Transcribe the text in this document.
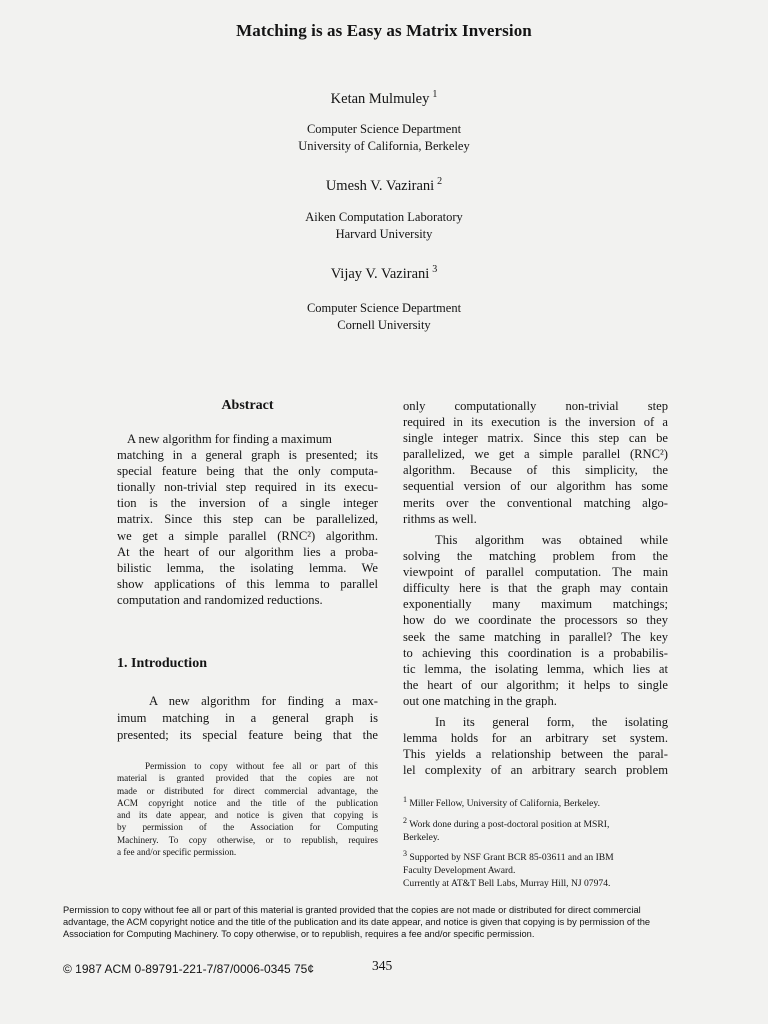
Matching is as Easy as Matrix Inversion
Ketan Mulmuley $^1$
Computer Science Department
University of California, Berkeley
Umesh V. Vazirani $^2$
Aiken Computation Laboratory
Harvard University
Vijay V. Vazirani $^3$
Computer Science Department
Cornell University
Abstract

A new algorithm for finding a maximum
matching in a general graph is presented; its
special feature being that the only computa-
tionally non-trivial step required in its execu-
tion is the inversion of a single integer
matrix. Since this step can be parallelized,
we get a simple parallel (RNC²) algorithm.
At the heart of our algorithm lies a proba-
bilistic lemma, the isolating lemma. We
show applications of this lemma to parallel
computation and randomized reductions.

1. Introduction

A new algorithm for finding a max-
imum matching in a general graph is
presented; its special feature being that the

Permission to copy without fee all or part of this
material is granted provided that the copies are not
made or distributed for direct commercial advantage, the
ACM copyright notice and the title of the publication
and its date appear, and notice is given that copying is
by permission of the Association for Computing
Machinery. To copy otherwise, or to republish, requires
a fee and/or specific permission.

only computationally non-trivial step
required in its execution is the inversion of a
single integer matrix. Since this step can be
parallelized, we get a simple parallel (RNC²)
algorithm. Because of this simplicity, the
sequential version of our algorithm has some
merits over the conventional matching algo-
rithms as well.

This algorithm was obtained while
solving the matching problem from the
viewpoint of parallel computation. The main
difficulty here is that the graph may contain
exponentially many maximum matchings;
how do we coordinate the processors so they
seek the same matching in parallel? The key
to achieving this coordination is a probabilis-
tic lemma, the isolating lemma, which lies at
the heart of our algorithm; it helps to single
out one matching in the graph.

In its general form, the isolating
lemma holds for an arbitrary set system.
This yields a relationship between the paral-
lel complexity of an arbitrary search problem

$^1$ Miller Fellow, University of California, Berkeley.

$^2$ Work done during a post-doctoral position at MSRI,
Berkeley.

$^3$ Supported by NSF Grant BCR 85-03611 and an IBM
Faculty Development Award.
Currently at AT&T Bell Labs, Murray Hill, NJ 07974.

Permission to copy without fee all or part of this material is granted provided that the copies are not made or distributed for direct commercial
advantage, the ACM copyright notice and the title of the publication and its date appear, and notice is given that copying is by permission of the
Association for Computing Machinery. To copy otherwise, or to republish, requires a fee and/or specific permission.
© 1987 ACM 0-89791-221-7/87/0006-0345 75¢	345
